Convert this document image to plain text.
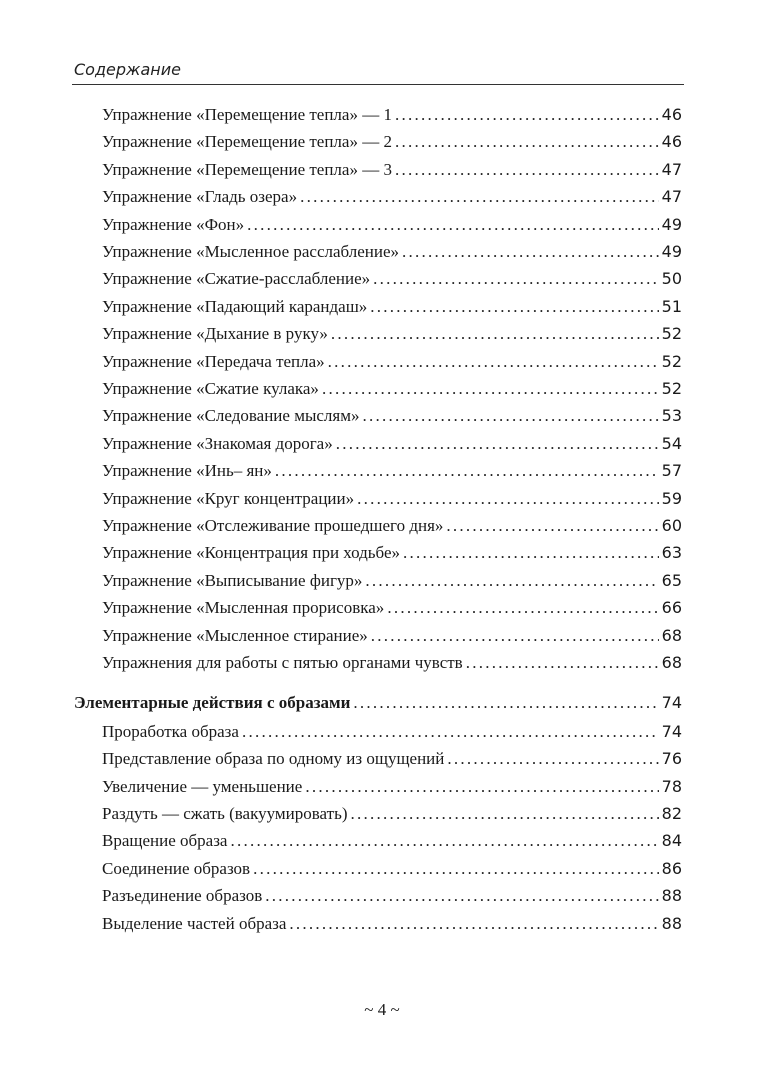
Содержание
Упражнение «Перемещение тепла» — 1 . . .	46
Упражнение «Перемещение тепла» — 2 . . .	46
Упражнение «Перемещение тепла» — 3 . . .	47
Упражнение «Гладь озера» . . .	47
Упражнение «Фон» . . .	49
Упражнение «Мысленное расслабление» . . .	49
Упражнение «Сжатие-расслабление» . . .	50
Упражнение «Падающий карандаш» . . .	51
Упражнение «Дыхание в руку» . . .	52
Упражнение «Передача тепла» . . .	52
Упражнение «Сжатие кулака» . . .	52
Упражнение «Следование мыслям» . . .	53
Упражнение «Знакомая дорога» . . .	54
Упражнение «Инь– ян» . . .	57
Упражнение «Круг концентрации» . . .	59
Упражнение «Отслеживание прошедшего дня» . . .	60
Упражнение «Концентрация при ходьбе» . . .	63
Упражнение «Выписывание фигур» . . .	65
Упражнение «Мысленная прорисовка» . . .	66
Упражнение «Мысленное стирание» . . .	68
Упражнения для работы с пятью органами чувств . . .	68
Элементарные действия с образами . . .	74
Проработка образа . . .	74
Представление образа по одному из ощущений . . .	76
Увеличение — уменьшение . . .	78
Раздуть — сжать (вакуумировать) . . .	82
Вращение образа . . .	84
Соединение образов . . .	86
Разъединение образов . . .	88
Выделение частей образа . . .	88
~ 4 ~
